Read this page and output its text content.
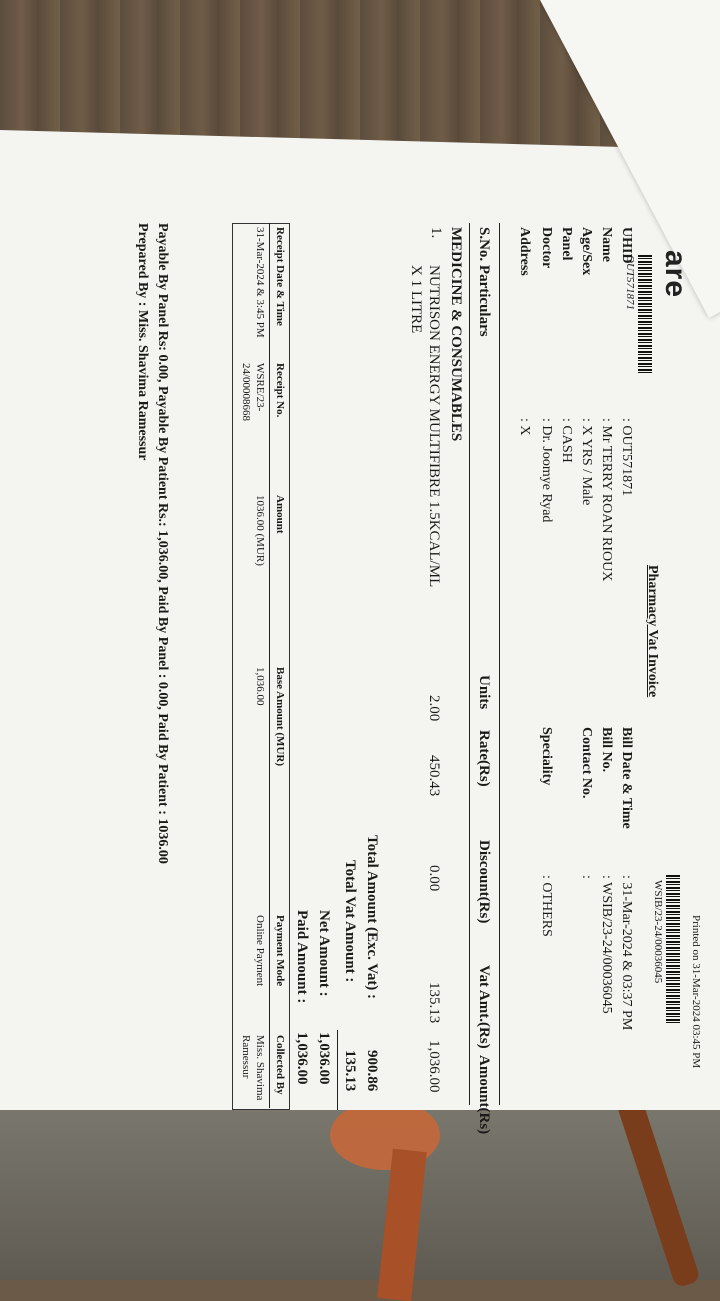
Printed on 31-Mar-2024 03:45 PM
are
OUT571871
Pharmacy Vat Invoice
WSIB/23-24/00036045
UHID
: OUT571871
Name
: Mr TERRY ROAN RIOUX
Age/Sex
: X YRS / Male
Panel
: CASH
Doctor
: Dr. Joomye Ryad
Address
: X
Bill Date & Time
: 31-Mar-2024 & 03:37 PM
Bill No.
: WSIB/23-24/00036045
Contact No.
:
Speciality
: OTHERS
S.No. Particulars
Units
Rate(Rs)
Discount(Rs)
Vat Amt.(Rs)
Amount(Rs)
MEDICINE & CONSUMABLES
1.
NUTRISON ENERGY MULTIFIBRE 1.5KCAL/ML
X 1 LITRE
2.00
450.43
0.00
135.13
1,036.00
Total Amount (Exc. Vat) :
900.86
Total Vat Amount :
135.13
Net Amount :
1,036.00
Paid Amount :
1,036.00
Receipt Date & Time
Receipt No.
Amount
Base Amount (MUR)
Payment Mode
Collected By
31-Mar-2024 & 3:45 PM
WSRE/23-
24/00008668
1036.00 (MUR)
1,036.00
Online Payment
Miss. Shavima
Ramessur
Payable By Panel Rs: 0.00, Payable By Patient Rs.: 1,036.00, Paid By Panel : 0.00, Paid By Patient : 1036.00
Prepared By : Miss. Shavima Ramessur
